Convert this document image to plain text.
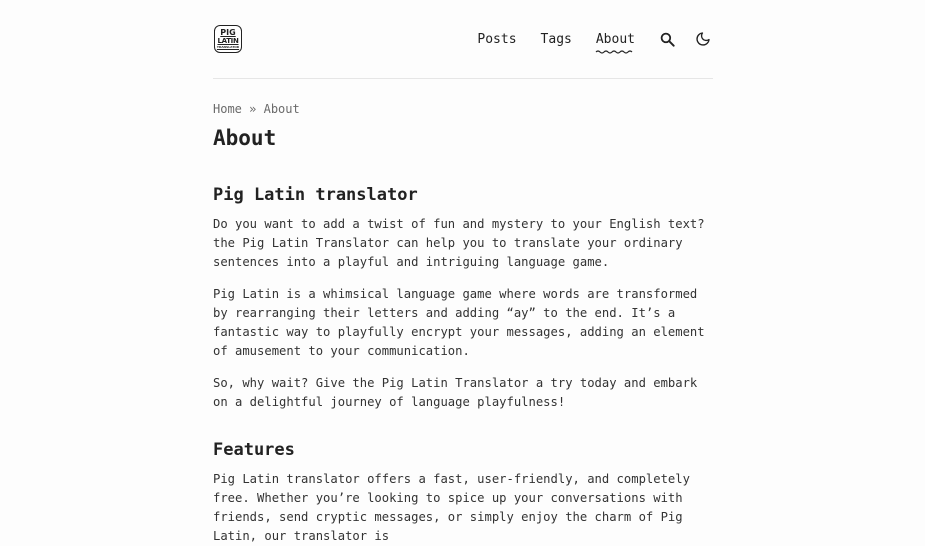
PIG
LATIN
TRANSLATOR
Posts Tags About
Home » About
About
Pig Latin translator

Do you want to add a twist of fun and mystery to your English text? the Pig Latin Translator can help you to translate your ordinary sentences into a playful and intriguing language game.

Pig Latin is a whimsical language game where words are transformed by rearranging their letters and adding “ay” to the end. It’s a fantastic way to playfully encrypt your messages, adding an element of amusement to your communication.

So, why wait? Give the Pig Latin Translator a try today and embark on a delightful journey of language playfulness!

Features

Pig Latin translator offers a fast, user-friendly, and completely free. Whether you’re looking to spice up your conversations with friends, send cryptic messages, or simply enjoy the charm of Pig Latin, our translator is
